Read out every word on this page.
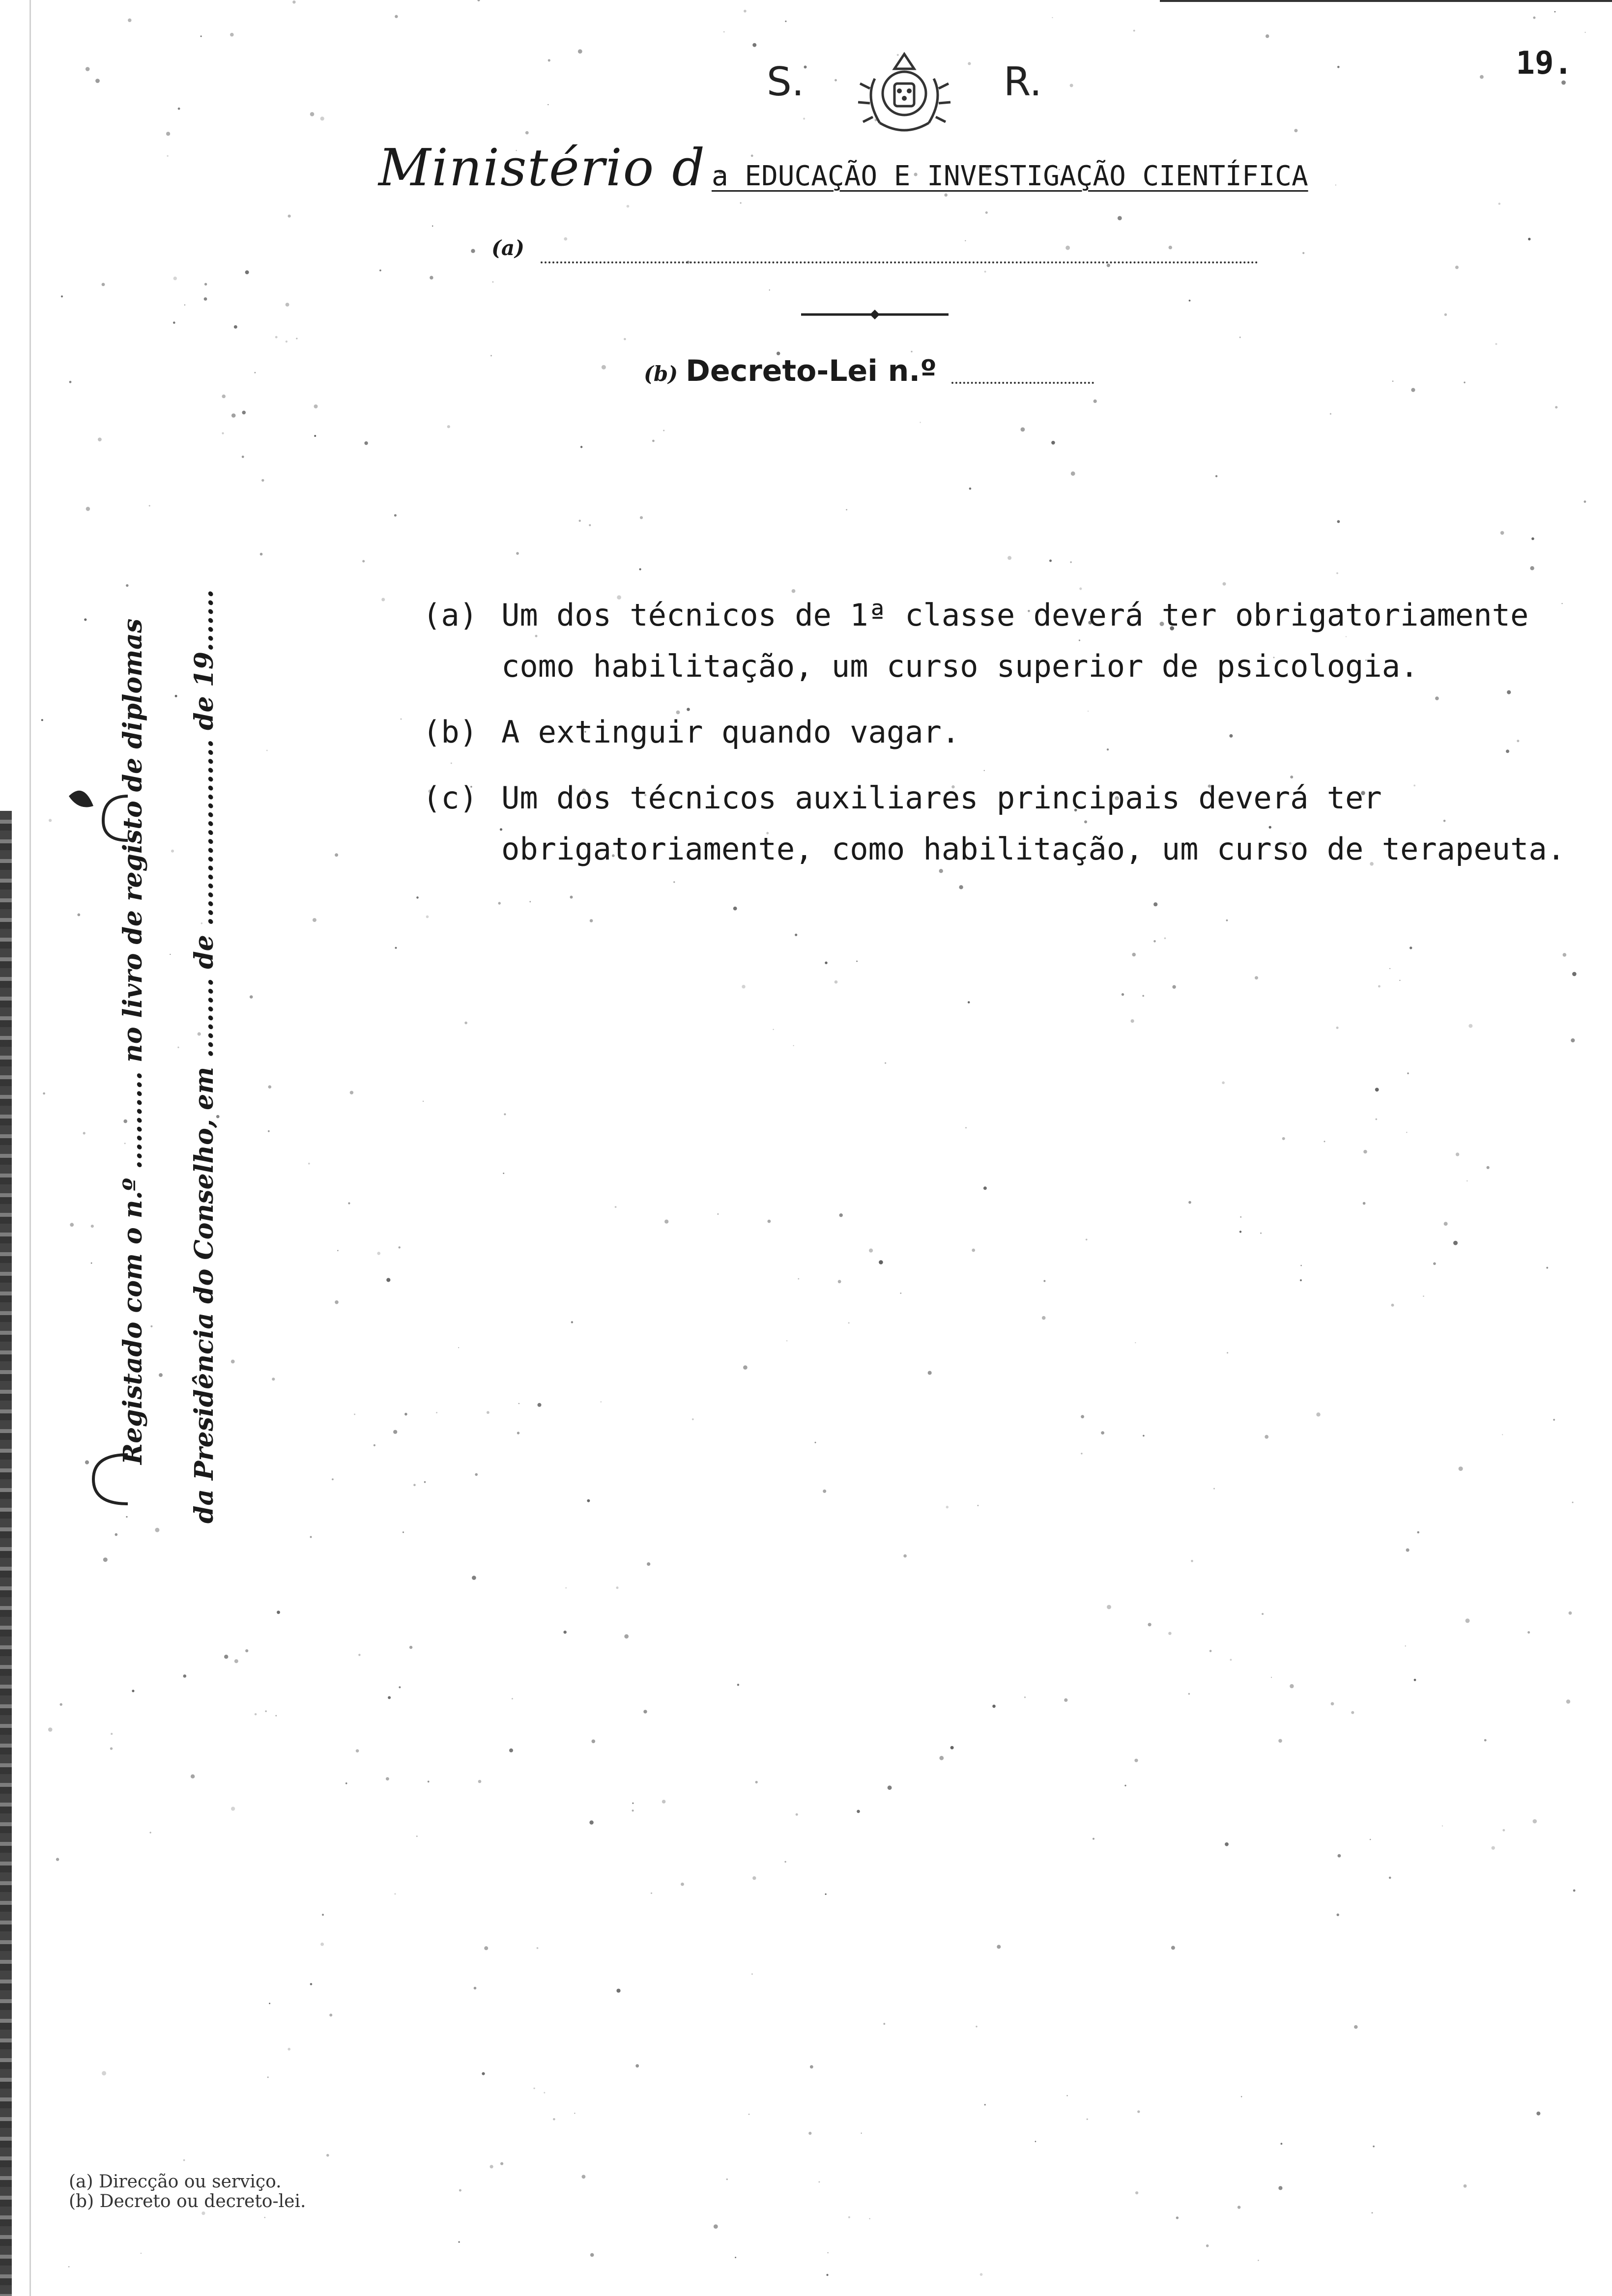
19.
S.	R.
Ministério d a EDUCAÇÃO E INVESTIGAÇÃO CIENTÍFICA
(a)
(b) Decreto-Lei n.º
Registado com o n.º ........... no livro de registo de diplomas da Presidência do Conselho, em ......... de ..................... de 19.......	(a) Um dos técnicos de 1ª classe deverá ter obrigatoriamente como habilitação, um curso superior de psicologia.
(b) A extinguir quando vagar.
(c) Um dos técnicos auxiliares principais deverá ter obrigatoriamente, como habilitação, um curso de terapeuta.
(a) Direcção ou serviço.
(b) Decreto ou decreto-lei.
